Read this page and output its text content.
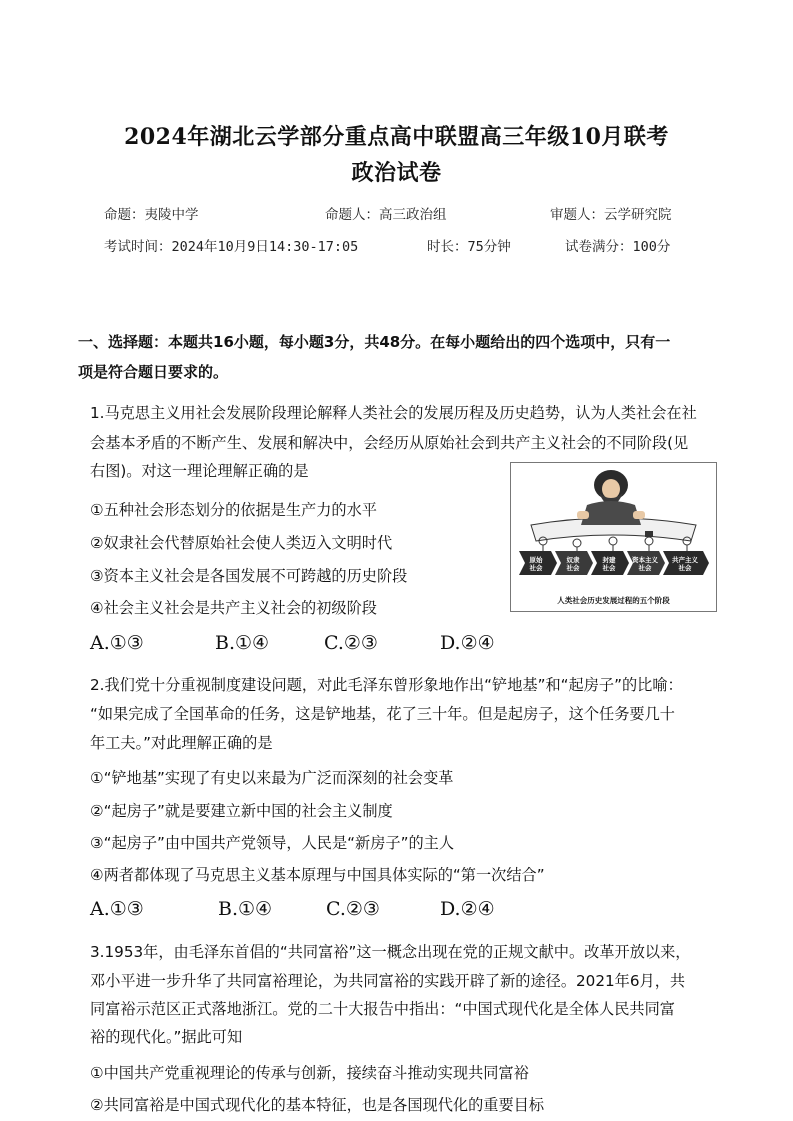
2024年湖北云学部分重点高中联盟高三年级10月联考
政治试卷
命题：夷陵中学	命题人：高三政治组	审题人：云学研究院
考试时间：2024年10月9日14:30-17:05	时长：75分钟	试卷满分：100分
一、选择题：本题共16小题，每小题3分，共48分。在每小题给出的四个选项中，只有一
项是符合题日要求的。
1.马克思主义用社会发展阶段理论解释人类社会的发展历程及历史趋势，认为人类社会在社
会基本矛盾的不断产生、发展和解决中，会经历从原始社会到共产主义社会的不同阶段(见
右图)。对这一理论理解正确的是
①五种社会形态划分的依据是生产力的水平
②奴隶社会代替原始社会使人类迈入文明时代
③资本主义社会是各国发展不可跨越的历史阶段
④社会主义社会是共产主义社会的初级阶段
A.①③	B.①④	C.②③	D.②④
原始
社会
奴隶
社会
封建
社会
资本主义
社会
共产主义
社会
人类社会历史发展过程的五个阶段
2.我们党十分重视制度建设问题，对此毛泽东曾形象地作出“铲地基”和“起房子”的比喻：
“如果完成了全国革命的任务，这是铲地基，花了三十年。但是起房子，这个任务要几十
年工夫。”对此理解正确的是
①“铲地基”实现了有史以来最为广泛而深刻的社会变革
②“起房子”就是要建立新中国的社会主义制度
③“起房子”由中国共产党领导，人民是“新房子”的主人
④两者都体现了马克思主义基本原理与中国具体实际的“第一次结合”
A.①③	B.①④	C.②③	D.②④
3.1953年，由毛泽东首倡的“共同富裕”这一概念出现在党的正规文献中。改革开放以来，
邓小平进一步升华了共同富裕理论，为共同富裕的实践开辟了新的途径。2021年6月，共
同富裕示范区正式落地浙江。党的二十大报告中指出：“中国式现代化是全体人民共同富
裕的现代化。”据此可知
①中国共产党重视理论的传承与创新，接续奋斗推动实现共同富裕
②共同富裕是中国式现代化的基本特征，也是各国现代化的重要目标
